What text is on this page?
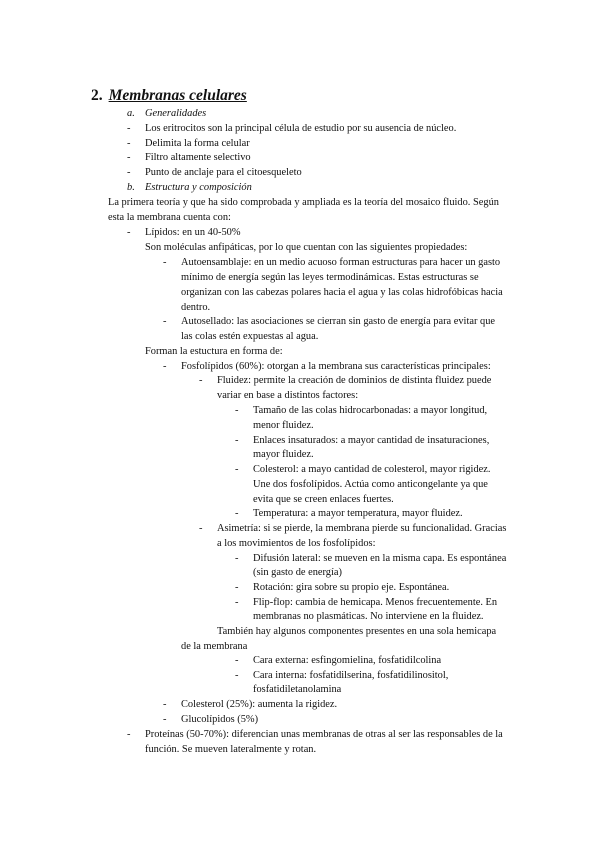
2. Membranas celulares
a. Generalidades
- Los eritrocitos son la principal célula de estudio por su ausencia de núcleo.
- Delimita la forma celular
- Filtro altamente selectivo
- Punto de anclaje para el citoesqueleto
b. Estructura y composición
La primera teoría y que ha sido comprobada y ampliada es la teoría del mosaico fluido. Según
esta la membrana cuenta con:
- Lípidos: en un 40-50%
Son moléculas anfipáticas, por lo que cuentan con las siguientes propiedades:
- Autoensamblaje: en un medio acuoso forman estructuras para hacer un gasto
mínimo de energía según las leyes termodinámicas. Estas estructuras se
organizan con las cabezas polares hacia el agua y las colas hidrofóbicas hacia
dentro.
- Autosellado: las asociaciones se cierran sin gasto de energía para evitar que
las colas estén expuestas al agua.
Forman la estuctura en forma de:
- Fosfolípidos (60%): otorgan a la membrana sus características principales:
- Fluidez: permite la creación de dominios de distinta fluidez puede
variar en base a distintos factores:
- Tamaño de las colas hidrocarbonadas: a mayor longitud,
menor fluidez.
- Enlaces insaturados: a mayor cantidad de insaturaciones,
mayor fluidez.
- Colesterol: a mayo cantidad de colesterol, mayor rigidez.
Une dos fosfolípidos. Actúa como anticongelante ya que
evita que se creen enlaces fuertes.
- Temperatura: a mayor temperatura, mayor fluidez.
- Asimetría: si se pierde, la membrana pierde su funcionalidad. Gracias
a los movimientos de los fosfolípidos:
- Difusión lateral: se mueven en la misma capa. Es espontánea
(sin gasto de energía)
- Rotación: gira sobre su propio eje. Espontánea.
- Flip-flop: cambia de hemicapa. Menos frecuentemente. En
membranas no plasmáticas. No interviene en la fluidez.
También hay algunos componentes presentes en una sola hemicapa
de la membrana
- Cara externa: esfingomielina, fosfatidilcolina
- Cara interna: fosfatidilserina, fosfatidilinositol,
fosfatidiletanolamina
- Colesterol (25%): aumenta la rigidez.
- Glucolípidos (5%)
- Proteínas (50-70%): diferencian unas membranas de otras al ser las responsables de la
función. Se mueven lateralmente y rotan.
